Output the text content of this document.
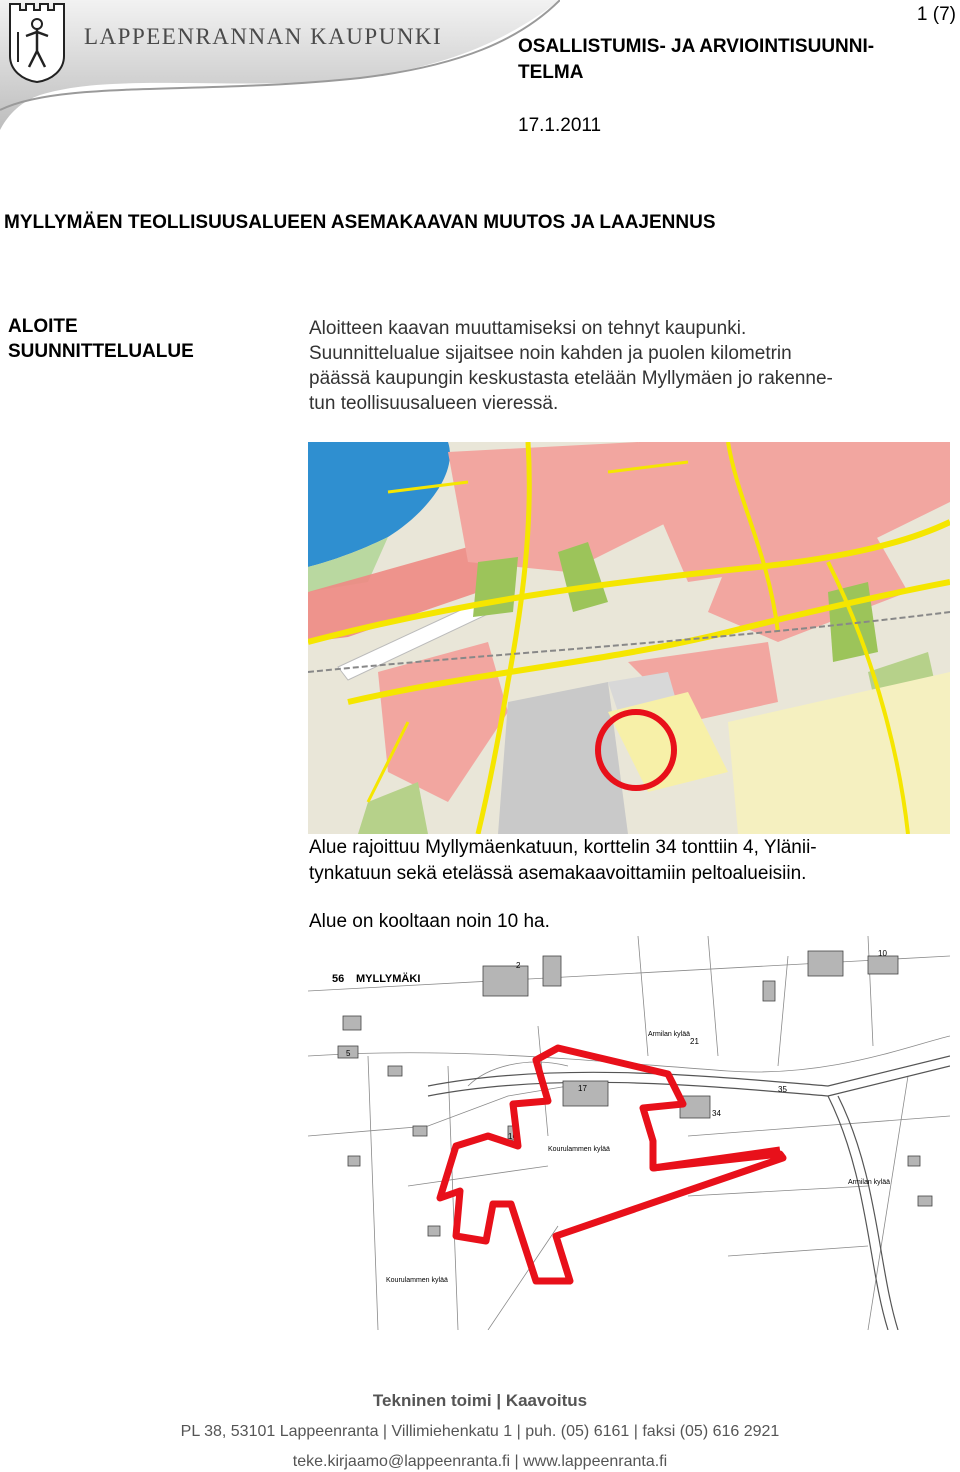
LAPPEENRANNAN KAUPUNKI
1 (7)
OSALLISTUMIS- JA ARVIOINTISUUNNI-
TELMA
17.1.2011
MYLLYMÄEN TEOLLISUUSALUEEN ASEMAKAAVAN MUUTOS JA LAAJENNUS
ALOITE
SUUNNITTELUALUE
Aloitteen kaavan muuttamiseksi on tehnyt kaupunki.
Suunnittelualue sijaitsee noin kahden ja puolen kilometrin
päässä kaupungin keskustasta etelään Myllymäen jo rakenne-
tun teollisuusalueen vieressä.
Alue rajoittuu Myllymäenkatuun, korttelin 34 tonttiin 4, Ylänii-
tynkatuun sekä etelässä asemakaavoittamiin peltoalueisiin.
Alue on kooltaan noin 10 ha.
56 MYLLYMÄKI
17
34
35
16
21
10
2
5
Armilan kylää
Kourulammen kylää
Armilan kylää
Kourulammen kylää
Tekninen toimi | Kaavoitus
PL 38, 53101 Lappeenranta | Villimiehenkatu 1 | puh. (05) 6161 | faksi (05) 616 2921
teke.kirjaamo@lappeenranta.fi | www.lappeenranta.fi
